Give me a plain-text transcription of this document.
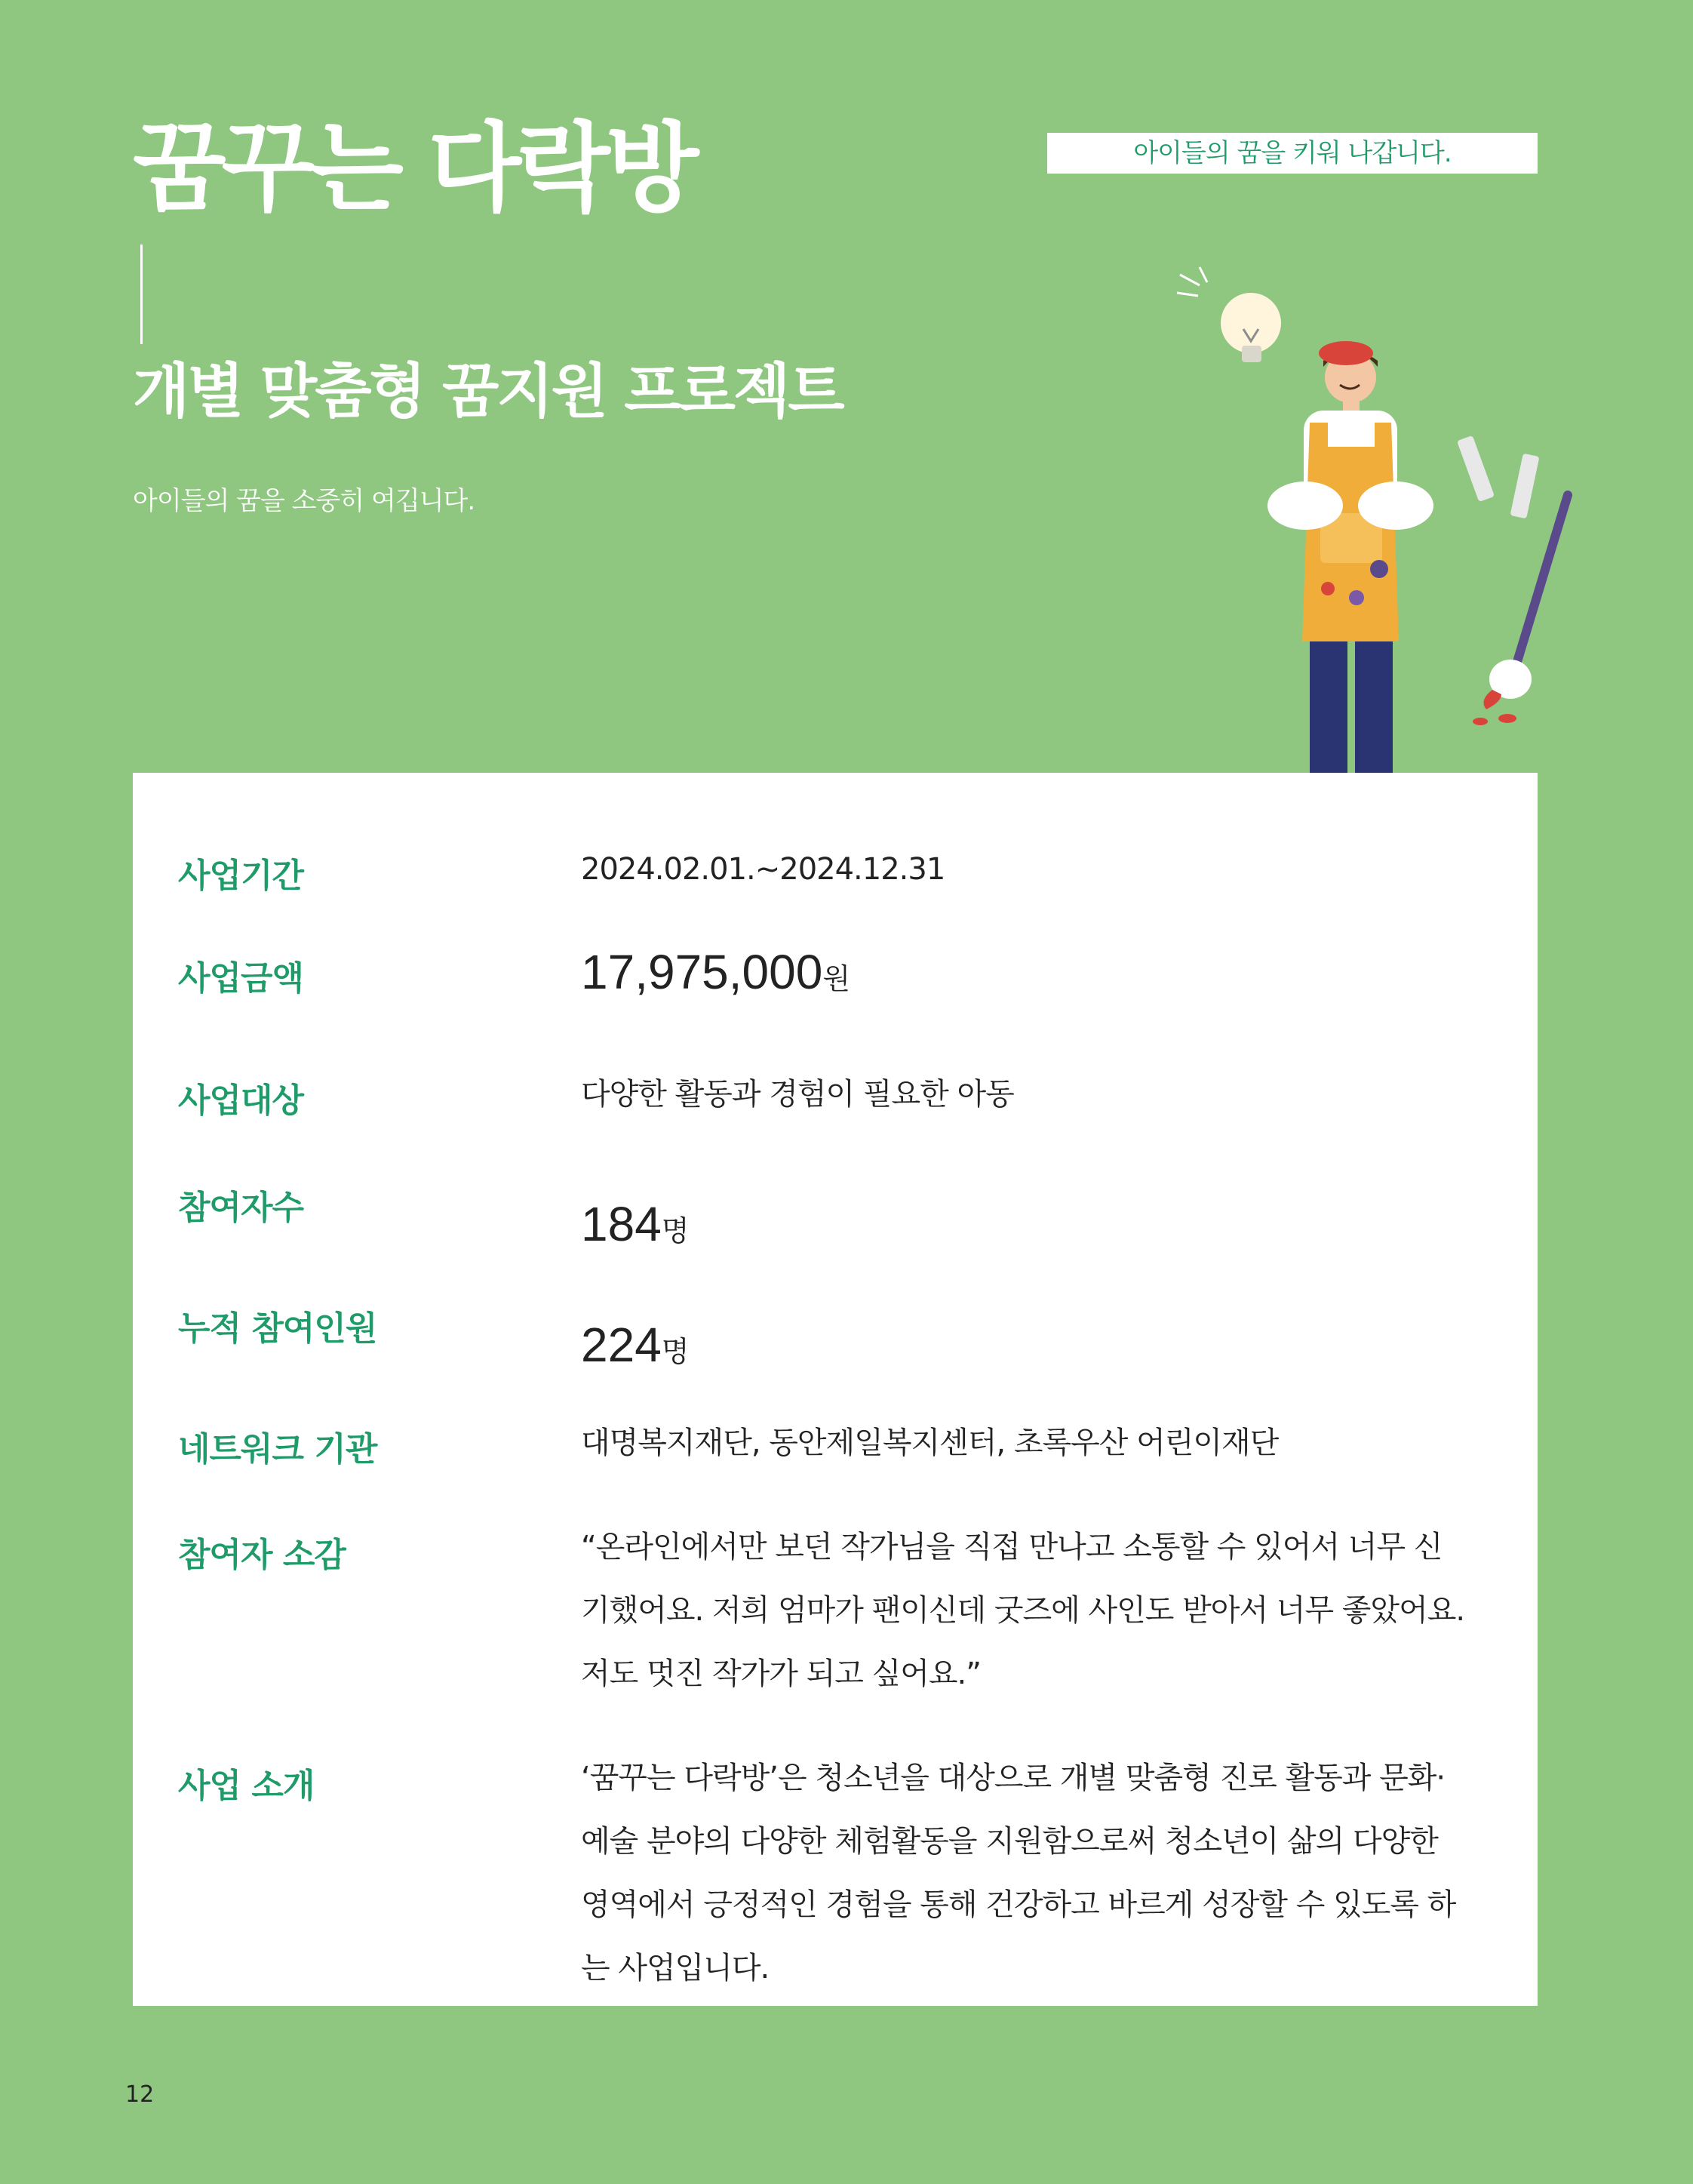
꿈꾸는 다락방
개별 맞춤형 꿈지원 프로젝트
아이들의 꿈을 소중히 여깁니다.
아이들의 꿈을 키워 나갑니다.
사업기간	2024.02.01.~2024.12.31
사업금액	17,975,000원
사업대상	다양한 활동과 경험이 필요한 아동
참여자수	184명
누적 참여인원	224명
네트워크 기관	대명복지재단, 동안제일복지센터, 초록우산 어린이재단
참여자 소감	“온라인에서만 보던 작가님을 직접 만나고 소통할 수 있어서 너무 신기했어요. 저희 엄마가 팬이신데 굿즈에 사인도 받아서 너무 좋았어요. 저도 멋진 작가가 되고 싶어요.”
사업 소개	‘꿈꾸는 다락방’은 청소년을 대상으로 개별 맞춤형 진로 활동과 문화·예술 분야의 다양한 체험활동을 지원함으로써 청소년이 삶의 다양한 영역에서 긍정적인 경험을 통해 건강하고 바르게 성장할 수 있도록 하는 사업입니다.
12
